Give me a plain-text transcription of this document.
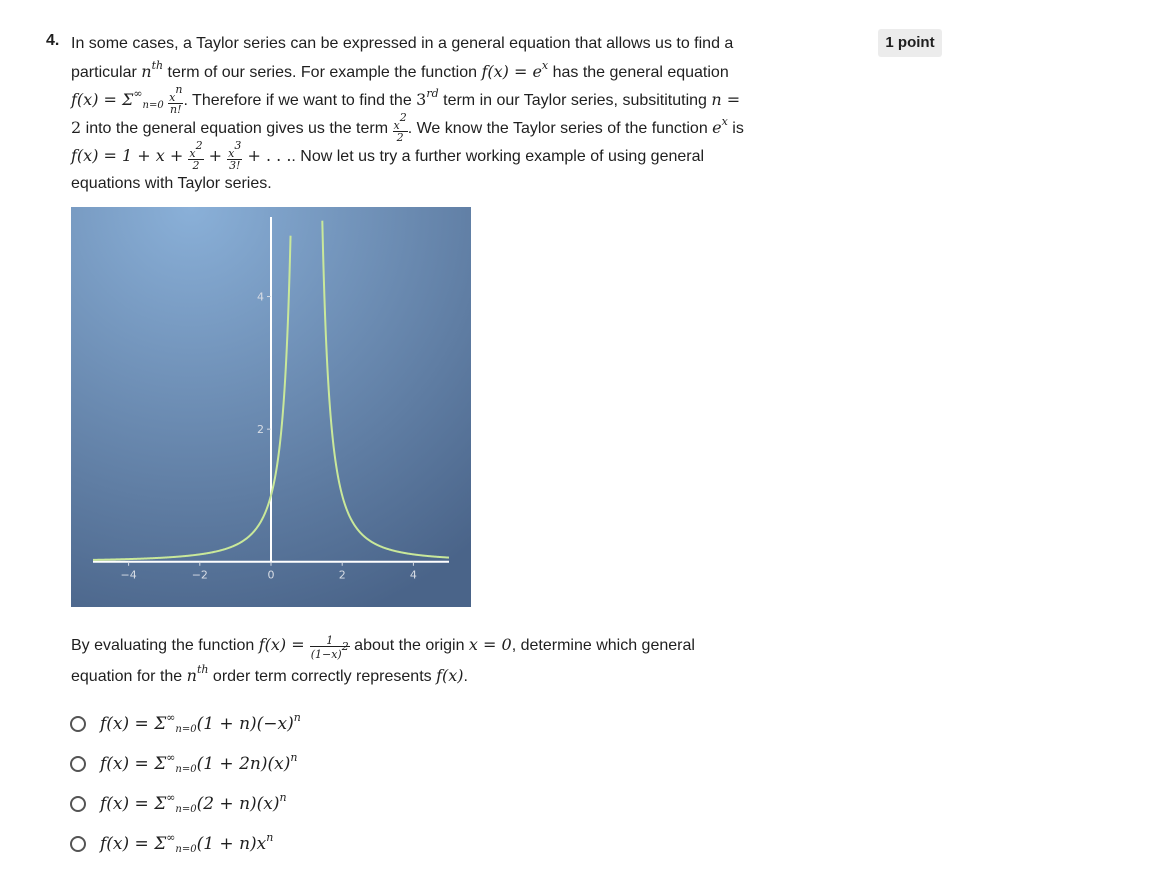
4.	1 point
In some cases, a Taylor series can be expressed in a general equation that allows us to find a
particular $n^{th}$ term of our series. For example the function $f(x) = e^x$ has the general equation
$f(x) = \Sigma^\infty_{n=0} \frac{x^n}{n!}$ . Therefore if we want to find the 3rd term in our Taylor series, subsitituting n =
2 into the general equation gives us the term $\frac{x^2}{2}$ . We know the Taylor series of the function $e^x$ is
$f(x) = 1 + x + \frac{x^2}{2} + \frac{x^3}{3!}$ + . . .. Now let us try a further working example of using general
equations with Taylor series.
−4	−2	0	2	4
2
4
By evaluating the function $f(x) = \frac{1}{(1-x)^2}$ about the origin x = 0, determine which general
equation for the $n^{th}$ order term correctly represents f(x).
$f(x) = \Sigma^\infty_{n=0}(1 + n)(-x)^n$
$f(x) = \Sigma^\infty_{n=0}(1 + 2n)(x)^n$
$f(x) = \Sigma^\infty_{n=0}(2 + n)(x)^n$
$f(x) = \Sigma^\infty_{n=0}(1 + n)x^n$
